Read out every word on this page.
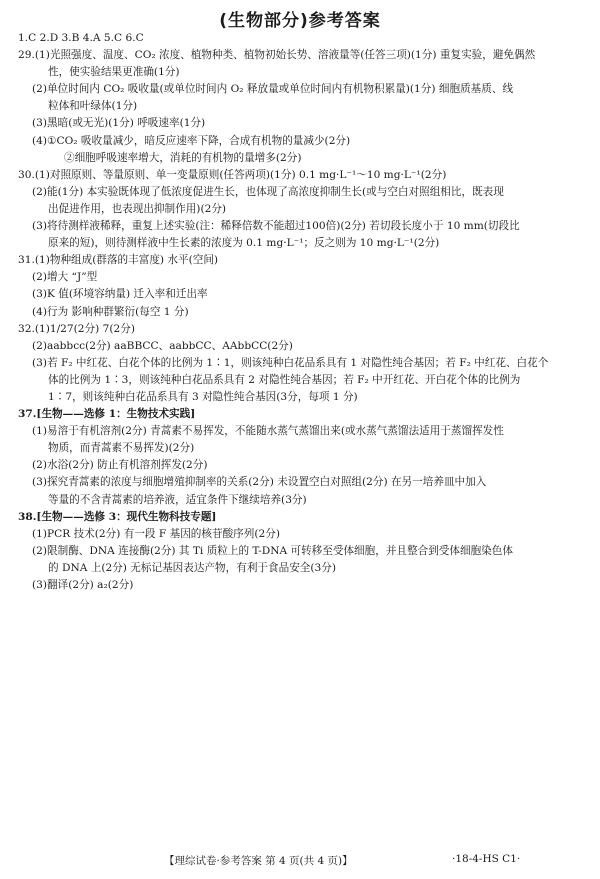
(生物部分)参考答案
1.C 2.D 3.B 4.A 5.C 6.C
29.(1)光照强度、温度、CO₂ 浓度、植物种类、植物初始长势、溶液量等(任答三项)(1分) 重复实验，避免偶然
性，使实验结果更准确(1分)
(2)单位时间内 CO₂ 吸收量(或单位时间内 O₂ 释放量或单位时间内有机物积累量)(1分) 细胞质基质、线
粒体和叶绿体(1分)
(3)黑暗(或无光)(1分) 呼吸速率(1分)
(4)①CO₂ 吸收量减少，暗反应速率下降，合成有机物的量减少(2分)
②细胞呼吸速率增大，消耗的有机物的量增多(2分)
30.(1)对照原则、等量原则、单一变量原则(任答两项)(1分) 0.1 mg·L⁻¹～10 mg·L⁻¹(2分)
(2)能(1分) 本实验既体现了低浓度促进生长，也体现了高浓度抑制生长(或与空白对照组相比，既表现
出促进作用，也表现出抑制作用)(2分)
(3)将待测样液稀释，重复上述实验(注：稀释倍数不能超过100倍)(2分) 若切段长度小于 10 mm(切段比
原来的短)，则待测样液中生长素的浓度为 0.1 mg·L⁻¹；反之则为 10 mg·L⁻¹(2分)
31.(1)物种组成(群落的丰富度) 水平(空间)
(2)增大 “J”型
(3)K 值(环境容纳量) 迁入率和迁出率
(4)行为 影响种群繁衍(每空 1 分)
32.(1)1/27(2分) 7(2分)
(2)aabbcc(2分) aaBBCC、aabbCC、AAbbCC(2分)
(3)若 F₂ 中红花、白花个体的比例为 1∶1，则该纯种白花品系具有 1 对隐性纯合基因；若 F₂ 中红花、白花个
体的比例为 1∶3，则该纯种白花品系具有 2 对隐性纯合基因；若 F₂ 中开红花、开白花个体的比例为
1∶7，则该纯种白花品系具有 3 对隐性纯合基因(3分，每项 1 分)
37.[生物——选修 1：生物技术实践]
(1)易溶于有机溶剂(2分) 青蒿素不易挥发，不能随水蒸气蒸馏出来(或水蒸气蒸馏法适用于蒸馏挥发性
物质，而青蒿素不易挥发)(2分)
(2)水浴(2分) 防止有机溶剂挥发(2分)
(3)探究青蒿素的浓度与细胞增殖抑制率的关系(2分) 未设置空白对照组(2分) 在另一培养皿中加入
等量的不含青蒿素的培养液，适宜条件下继续培养(3分)
38.[生物——选修 3：现代生物科技专题]
(1)PCR 技术(2分) 有一段 F 基因的核苷酸序列(2分)
(2)限制酶、DNA 连接酶(2分) 其 Ti 质粒上的 T-DNA 可转移至受体细胞，并且整合到受体细胞染色体
的 DNA 上(2分) 无标记基因表达产物，有利于食品安全(3分)
(3)翻译(2分) a₂(2分)
【理综试卷·参考答案 第 4 页(共 4 页)】	·18-4-HS C1·
